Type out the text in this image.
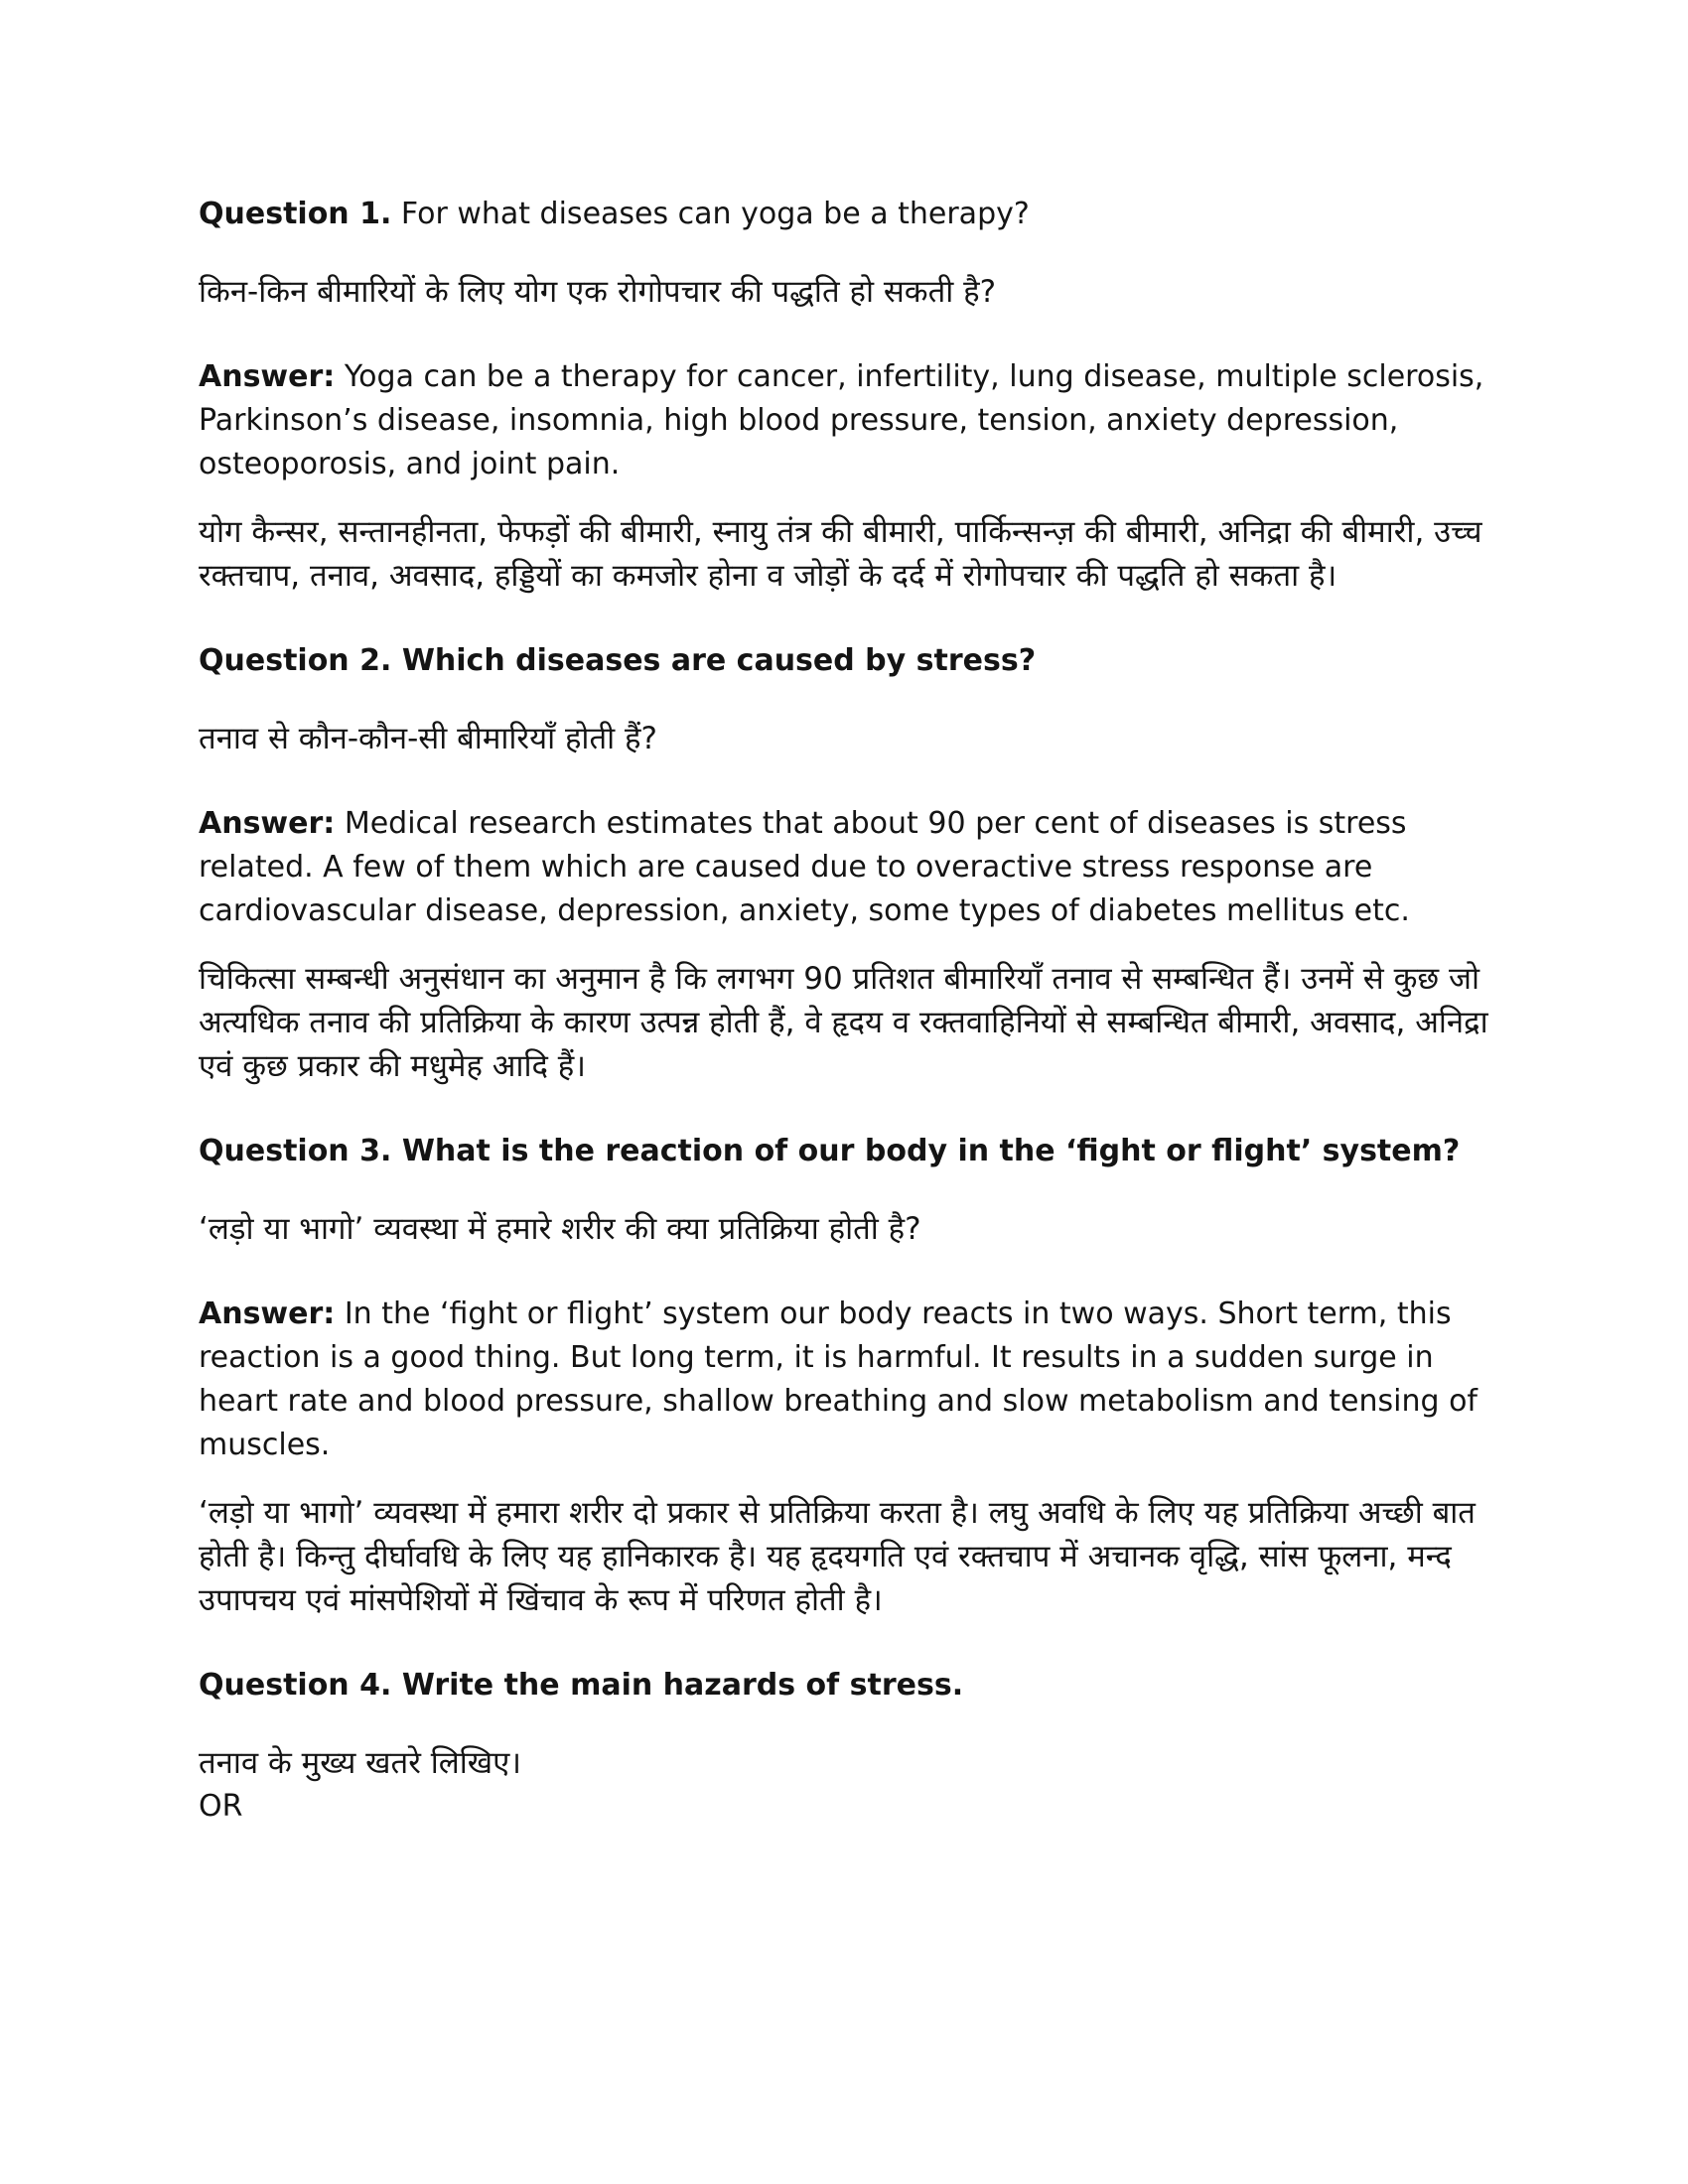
Question 1. For what diseases can yoga be a therapy?

किन-किन बीमारियों के लिए योग एक रोगोपचार की पद्धति हो सकती है?

Answer: Yoga can be a therapy for cancer, infertility, lung disease, multiple sclerosis, Parkinson’s disease, insomnia, high blood pressure, tension, anxiety depression, osteoporosis, and joint pain.

योग कैन्सर, सन्तानहीनता, फेफड़ों की बीमारी, स्नायु तंत्र की बीमारी, पार्किन्सन्ज़ की बीमारी, अनिद्रा की बीमारी, उच्च रक्तचाप, तनाव, अवसाद, हड्डियों का कमजोर होना व जोड़ों के दर्द में रोगोपचार की पद्धति हो सकता है।

Question 2. Which diseases are caused by stress?

तनाव से कौन-कौन-सी बीमारियाँ होती हैं?

Answer: Medical research estimates that about 90 per cent of diseases is stress related. A few of them which are caused due to overactive stress response are cardiovascular disease, depression, anxiety, some types of diabetes mellitus etc.

चिकित्सा सम्बन्धी अनुसंधान का अनुमान है कि लगभग 90 प्रतिशत बीमारियाँ तनाव से सम्बन्धित हैं। उनमें से कुछ जो अत्यधिक तनाव की प्रतिक्रिया के कारण उत्पन्न होती हैं, वे हृदय व रक्तवाहिनियों से सम्बन्धित बीमारी, अवसाद, अनिद्रा एवं कुछ प्रकार की मधुमेह आदि हैं।

Question 3. What is the reaction of our body in the ‘fight or flight’ system?

‘लड़ो या भागो’ व्यवस्था में हमारे शरीर की क्या प्रतिक्रिया होती है?

Answer: In the ‘fight or flight’ system our body reacts in two ways. Short term, this reaction is a good thing. But long term, it is harmful. It results in a sudden surge in heart rate and blood pressure, shallow breathing and slow metabolism and tensing of muscles.

‘लड़ो या भागो’ व्यवस्था में हमारा शरीर दो प्रकार से प्रतिक्रिया करता है। लघु अवधि के लिए यह प्रतिक्रिया अच्छी बात होती है। किन्तु दीर्घावधि के लिए यह हानिकारक है। यह हृदयगति एवं रक्तचाप में अचानक वृद्धि, सांस फूलना, मन्द उपापचय एवं मांसपेशियों में खिंचाव के रूप में परिणत होती है।

Question 4. Write the main hazards of stress.

तनाव के मुख्य खतरे लिखिए।

OR
